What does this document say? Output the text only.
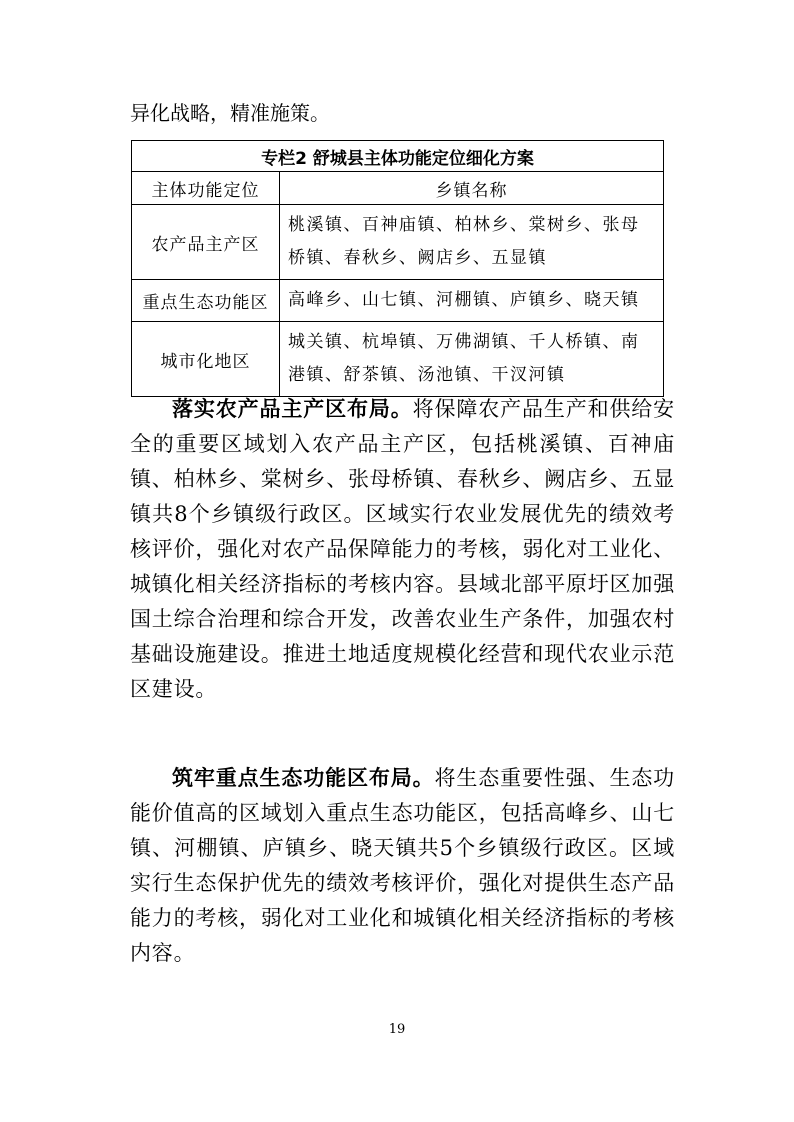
异化战略，精准施策。

专栏2 舒城县主体功能定位细化方案	
主体功能定位	乡镇名称
农产品主产区	桃溪镇、百神庙镇、柏林乡、棠树乡、张母桥镇、春秋乡、阙店乡、五显镇
重点生态功能区	高峰乡、山七镇、河棚镇、庐镇乡、晓天镇
城市化地区	城关镇、杭埠镇、万佛湖镇、千人桥镇、南港镇、舒茶镇、汤池镇、干汊河镇

落实农产品主产区布局。将保障农产品生产和供给安全的重要区域划入农产品主产区，包括桃溪镇、百神庙镇、柏林乡、棠树乡、张母桥镇、春秋乡、阙店乡、五显镇共8个乡镇级行政区。区域实行农业发展优先的绩效考核评价，强化对农产品保障能力的考核，弱化对工业化、城镇化相关经济指标的考核内容。县域北部平原圩区加强国土综合治理和综合开发，改善农业生产条件，加强农村基础设施建设。推进土地适度规模化经营和现代农业示范区建设。

筑牢重点生态功能区布局。将生态重要性强、生态功能价值高的区域划入重点生态功能区，包括高峰乡、山七镇、河棚镇、庐镇乡、晓天镇共5个乡镇级行政区。区域实行生态保护优先的绩效考核评价，强化对提供生态产品能力的考核，弱化对工业化和城镇化相关经济指标的考核内容。

19
